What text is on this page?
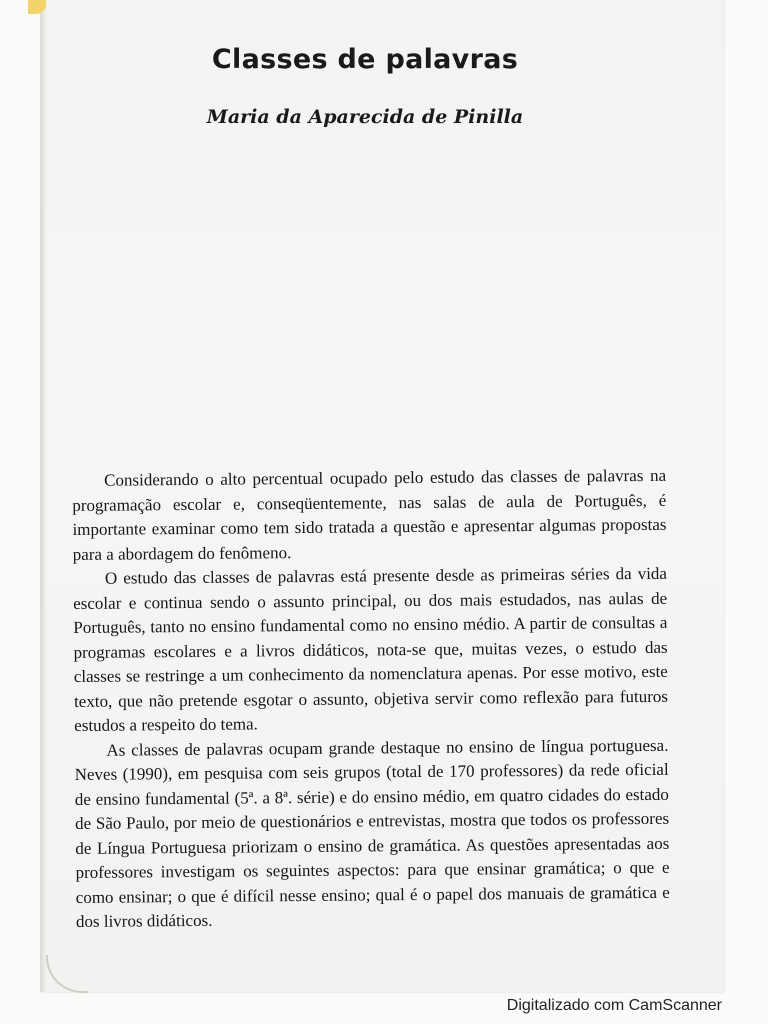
Classes de palavras
Maria da Aparecida de Pinilla

Considerando o alto percentual ocupado pelo estudo das classes de palavras na programação escolar e, conseqüentemente, nas salas de aula de Português, é importante examinar como tem sido tratada a questão e apresentar algumas propostas para a abordagem do fenômeno.

O estudo das classes de palavras está presente desde as primeiras séries da vida escolar e continua sendo o assunto principal, ou dos mais estudados, nas aulas de Português, tanto no ensino fundamental como no ensino médio. A partir de consultas a programas escolares e a livros didáticos, nota-se que, muitas vezes, o estudo das classes se restringe a um conhecimento da nomenclatura apenas. Por esse motivo, este texto, que não pretende esgotar o assunto, objetiva servir como reflexão para futuros estudos a respeito do tema.

As classes de palavras ocupam grande destaque no ensino de língua portuguesa. Neves (1990), em pesquisa com seis grupos (total de 170 professores) da rede oficial de ensino fundamental (5ª. a 8ª. série) e do ensino médio, em quatro cidades do estado de São Paulo, por meio de questionários e entrevistas, mostra que todos os professores de Língua Portuguesa priorizam o ensino de gramática. As questões apresentadas aos professores investigam os seguintes aspectos: para que ensinar gramática; o que e como ensinar; o que é difícil nesse ensino; qual é o papel dos manuais de gramática e dos livros didáticos.

Digitalizado com CamScanner
